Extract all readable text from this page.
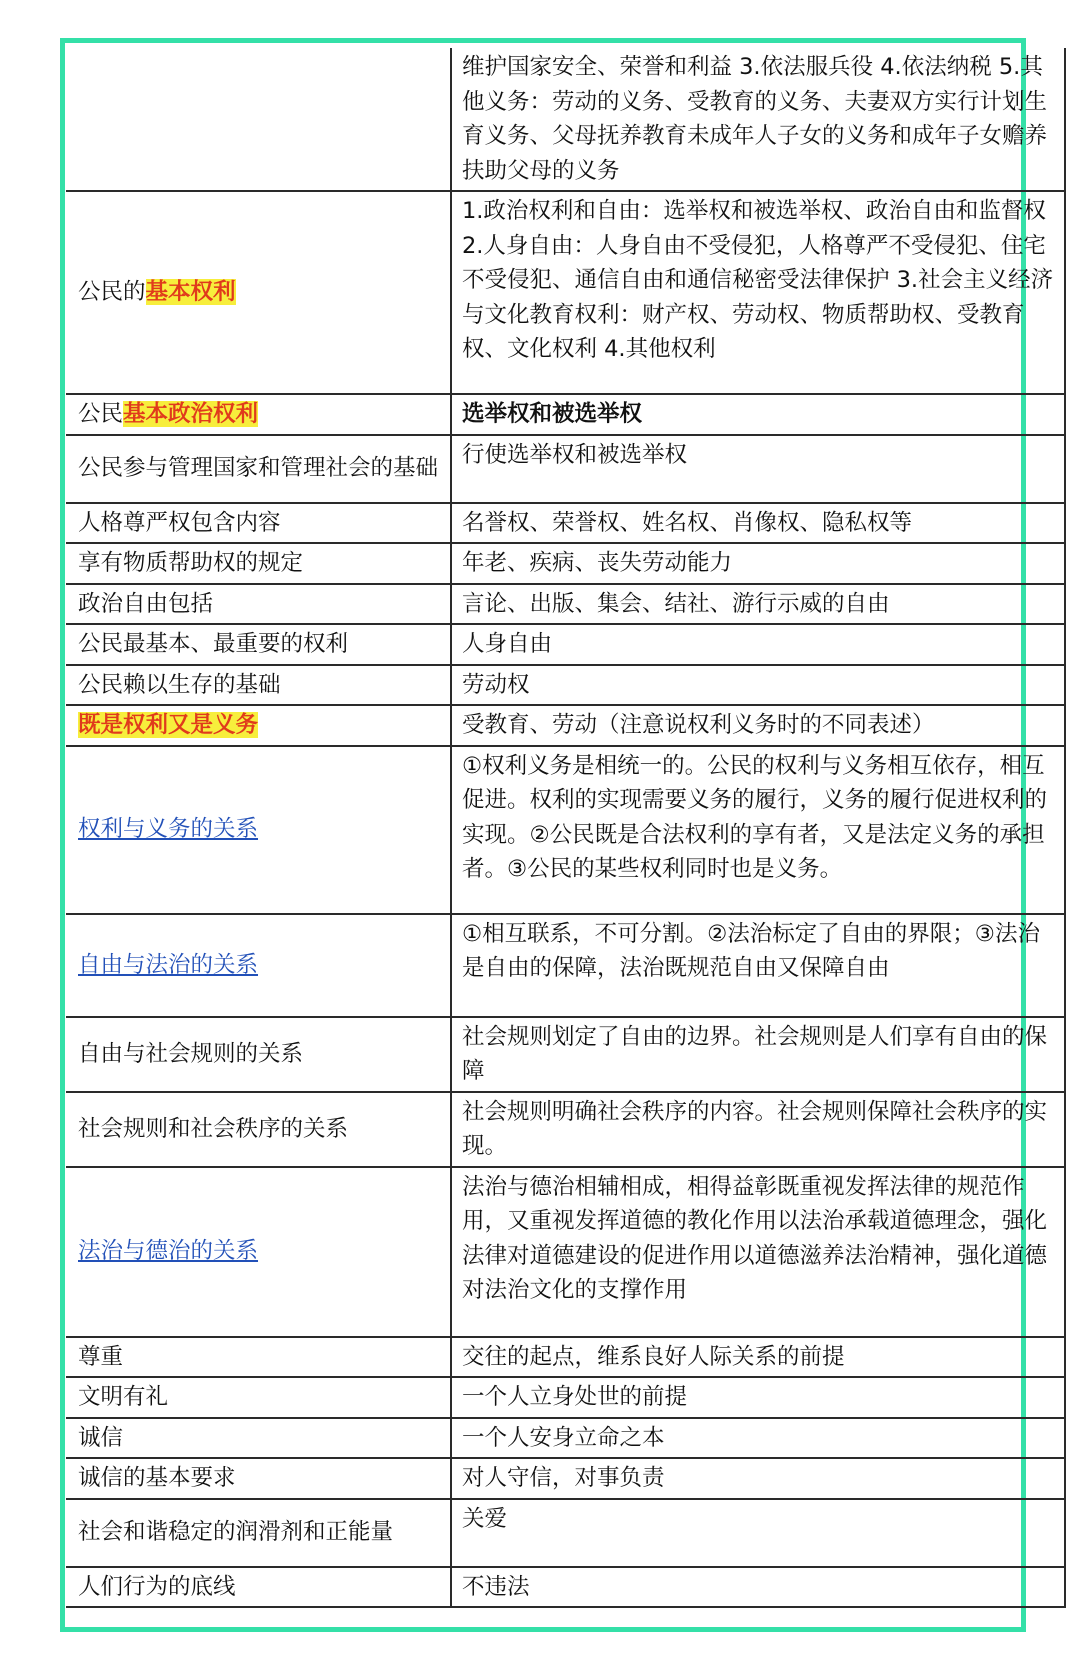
	维护国家安全、荣誉和利益 3.依法服兵役 4.依法纳税 5.其他义务：劳动的义务、受教育的义务、夫妻双方实行计划生育义务、父母抚养教育未成年人子女的义务和成年子女赡养扶助父母的义务
公民的基本权利	1.政治权利和自由：选举权和被选举权、政治自由和监督权 2.人身自由：人身自由不受侵犯，人格尊严不受侵犯、住宅不受侵犯、通信自由和通信秘密受法律保护 3.社会主义经济与文化教育权利：财产权、劳动权、物质帮助权、受教育权、文化权利 4.其他权利
公民基本政治权利	选举权和被选举权
公民参与管理国家和管理社会的基础	行使选举权和被选举权
人格尊严权包含内容	名誉权、荣誉权、姓名权、肖像权、隐私权等
享有物质帮助权的规定	年老、疾病、丧失劳动能力
政治自由包括	言论、出版、集会、结社、游行示威的自由
公民最基本、最重要的权利	人身自由
公民赖以生存的基础	劳动权
既是权利又是义务	受教育、劳动（注意说权利义务时的不同表述）
权利与义务的关系	①权利义务是相统一的。公民的权利与义务相互依存，相互促进。权利的实现需要义务的履行，义务的履行促进权利的实现。②公民既是合法权利的享有者，又是法定义务的承担者。③公民的某些权利同时也是义务。
自由与法治的关系	①相互联系，不可分割。②法治标定了自由的界限；③法治是自由的保障，法治既规范自由又保障自由
自由与社会规则的关系	社会规则划定了自由的边界。社会规则是人们享有自由的保障
社会规则和社会秩序的关系	社会规则明确社会秩序的内容。社会规则保障社会秩序的实现。
法治与德治的关系	法治与德治相辅相成，相得益彰既重视发挥法律的规范作用，又重视发挥道德的教化作用以法治承载道德理念，强化法律对道德建设的促进作用以道德滋养法治精神，强化道德对法治文化的支撑作用
尊重	交往的起点，维系良好人际关系的前提
文明有礼	一个人立身处世的前提
诚信	一个人安身立命之本
诚信的基本要求	对人守信，对事负责
社会和谐稳定的润滑剂和正能量	关爱
人们行为的底线	不违法
